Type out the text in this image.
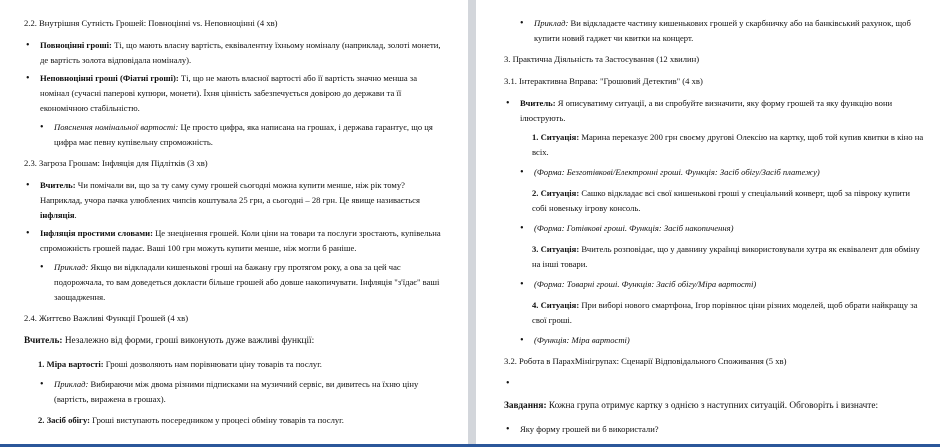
2.2. Внутрішня Сутність Грошей: Повноцінні vs. Неповноцінні (4 хв)

• Повноцінні гроші: Ті, що мають власну вартість, еквівалентну їхньому номіналу (наприклад, золоті монети, де вартість золота відповідала номіналу).
• Неповноцінні гроші (Фіатні гроші): Ті, що не мають власної вартості або її вартість значно менша за номінал (сучасні паперові купюри, монети). Їхня цінність забезпечується довірою до держави та її економічною стабільністю.
• Пояснення номінальної вартості: Це просто цифра, яка написана на грошах, і держава гарантує, що ця цифра має певну купівельну спроможність.

2.3. Загроза Грошам: Інфляція для Підлітків (3 хв)

• Вчитель: Чи помічали ви, що за ту саму суму грошей сьогодні можна купити менше, ніж рік тому? Наприклад, учора пачка улюблених чипсів коштувала 25 грн, а сьогодні – 28 грн. Це явище називається інфляція.
• Інфляція простими словами: Це знецінення грошей. Коли ціни на товари та послуги зростають, купівельна спроможність грошей падає. Ваші 100 грн можуть купити менше, ніж могли б раніше.
• Приклад: Якщо ви відкладали кишенькові гроші на бажану гру протягом року, а ова за цей час подорожчала, то вам доведеться докласти більше грошей або довше накопичувати. Інфляція "з'їдає" ваші заощадження.

2.4. Життєво Важливі Функції Грошей (4 хв)

Вчитель: Незалежно від форми, гроші виконують дуже важливі функції:

1. Міра вартості: Гроші дозволяють нам порівнювати ціну товарів та послуг.

• Приклад: Вибираючи між двома різними підписками на музичний сервіс, ви дивитесь на їхню ціну (вартість, виражена в грошах).

2. Засіб обігу: Гроші виступають посередником у процесі обміну товарів та послуг.

• Приклад: Ви відкладаєте частину кишенькових грошей у скарбничку або на банківський рахунок, щоб купити новий гаджет чи квитки на концерт.

3. Практична Діяльність та Застосування (12 хвилин)

3.1. Інтерактивна Вправа: "Грошовий Детектив" (4 хв)

• Вчитель: Я описуватиму ситуації, а ви спробуйте визначити, яку форму грошей та яку функцію вони ілюструють.

1. Ситуація: Марина переказує 200 грн своєму другові Олексію на картку, щоб той купив квитки в кіно на всіх.

• (Форма: Безготівкові/Електронні гроші. Функція: Засіб обігу/Засіб платежу)

2. Ситуація: Сашко відкладає всі свої кишенькові гроші у спеціальний конверт, щоб за півроку купити собі новеньку ігрову консоль.

• (Форма: Готівкові гроші. Функція: Засіб накопичення)

3. Ситуація: Вчитель розповідає, що у давнину українці використовували хутра як еквівалент для обміну на інші товари.

• (Форма: Товарні гроші. Функція: Засіб обігу/Міра вартості)

4. Ситуація: При виборі нового смартфона, Ігор порівнює ціни різних моделей, щоб обрати найкращу за свої гроші.

• (Функція: Міра вартості)

3.2. Робота в ПарахМінігрупах: Сценарії Відповідального Споживання (5 хв)

•

Завдання: Кожна група отримує картку з однією з наступних ситуацій. Обговоріть і визначте:

• Яку форму грошей ви б використали?
